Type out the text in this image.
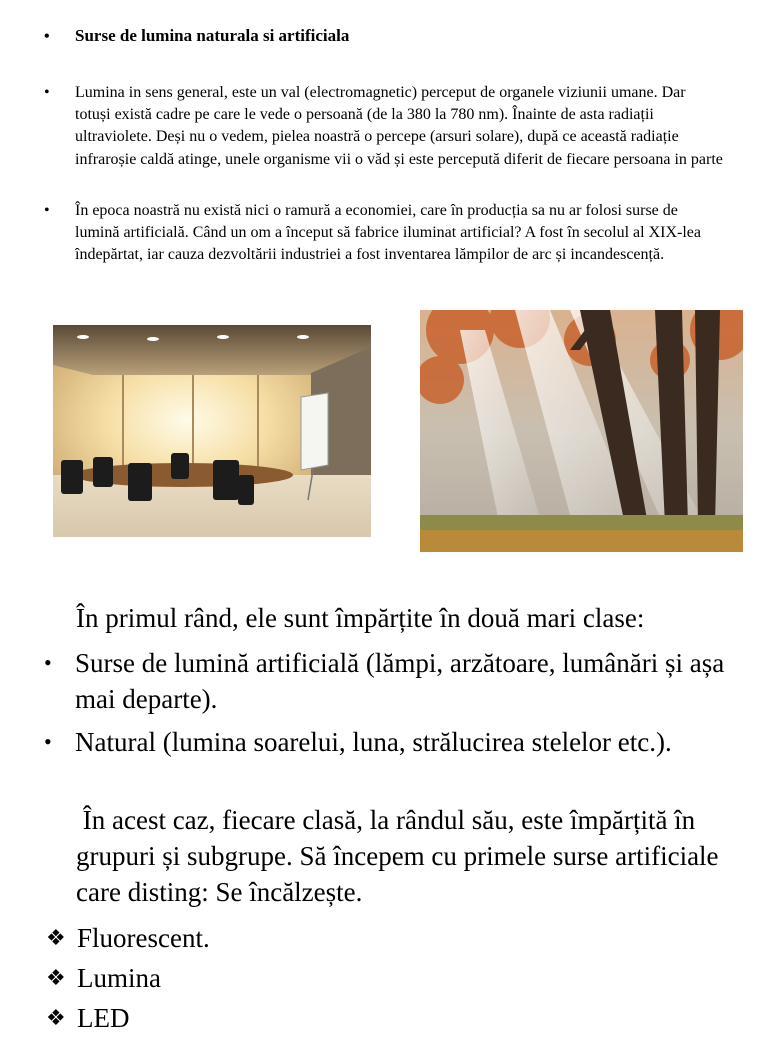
•	Surse de lumina naturala si artificiala
•	Lumina in sens general, este un val (electromagnetic) perceput de organele viziunii umane. Dar totuși există cadre pe care le vede o persoană (de la 380 la 780 nm). Înainte de asta radiații ultraviolete. Deși nu o vedem, pielea noastră o percepe (arsuri solare), după ce această radiație infraroșie caldă atinge, unele organisme vii o văd și este percepută diferit de fiecare persoana in parte
•	În epoca noastră nu există nici o ramură a economiei, care în producția sa nu ar folosi surse de lumină artificială. Când un om a început să fabrice iluminat artificial? A fost în secolul al XIX-lea îndepărtat, iar cauza dezvoltării industriei a fost inventarea lămpilor de arc și incandescență.
În primul rând, ele sunt împărțite în două mari clase:
• Surse de lumină artificială (lămpi, arzătoare, lumânări și așa mai departe).
• Natural (lumina soarelui, luna, strălucirea stelelor etc.).
În acest caz, fiecare clasă, la rândul său, este împărțită în grupuri și subgrupe. Să începem cu primele surse artificiale care disting: Se încălzește.
❖ Fluorescent.
❖ Lumina
❖ LED
